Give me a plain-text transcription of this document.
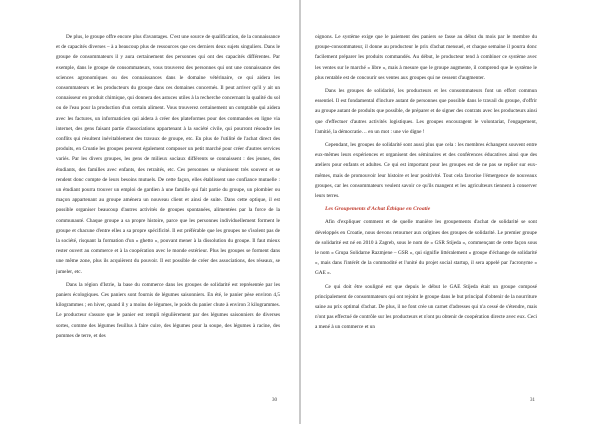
De plus, le groupe offre encore plus d'avantages. C'est une source de qualification, de la connaissance et de capacités diverses – à a beaucoup plus de ressources que ces derniers deux sujets singuliers. Dans le groupe de consommateurs il y aura certainement des personnes qui ont des capacités différentes. Par exemple, dans le groupe de consommateurs, vous trouverez des personnes qui ont une connaissance des sciences agronomiques ou des connaissances dans le domaine vétérinaire, ce qui aidera les consommateurs et les producteurs du groupe dans ces domaines concernés. Il peut arriver qu'il y ait un connaisseur en produit chimique, qui donnera des astuces utiles à la recherche concernant la qualité du sol ou de l'eau pour la production d'un certain aliment. Vous trouverez certainement un comptable qui aidera avec les factures, un informaticien qui aidera à créer des plateformes pour des commandes en ligne via internet, des gens faisant partie d'associations appartenant à la société civile, qui pourront résoudre les conflits qui résultent inévitablement des travaux de groupe, etc. En plus de l'utilité de l'achat direct des produits, en Croatie les groupes peuvent également composer un petit marché pour créer d'autres services variés. Par les divers groupes, les gens de milieux sociaux différents se connaissent : des jeunes, des étudiants, des familles avec enfants, des retraités, etc. Ces personnes se réunissent très souvent et se rendent donc compte de leurs besoins mutuels. De cette façon, elles établissent une confiance mutuelle : un étudiant pourra trouver un emploi de gardien à une famille qui fait partie du groupe, un plombier ou maçon appartenant au groupe aménera un nouveau client et ainsi de suite. Dans cette optique, il est possible organiser beaucoup d'autres activités de groupes spontanées, alimentées par la force de la communauté. Chaque groupe a sa propre histoire, parce que les personnes individuellement forment le groupe et chacune d'entre elles a sa propre spécificité. Il est préférable que les groupes ne s'isolent pas de la société, risquant la formation d'un « ghetto », pouvant mener à la dissolution du groupe. Il faut mieux rester ouvert au commerce et à la coopération avec le monde extérieur. Plus les groupes se forment dans une même zone, plus ils acquièrent du pouvoir. Il est possible de créer des associations, des réseaux, se jumeler, etc.

Dans la région d'Istrie, la base du commerce dans les groupes de solidarité est représentée par les paniers écologiques. Ces paniers sont fournis de légumes saisonniers. En été, le panier pèse environ 4,5 kilogrammes ; en hiver, quand il y a moins de légumes, le poids du panier chute à environ 3 kilogrammes. Le producteur s'assure que le panier est rempli régulièrement par des légumes saisonniers de diverses sortes, comme des légumes feuillus à faire cuire, des légumes pour la soupe, des légumes à racine, des pommes de terre, et des

30

oignons. Le système exige que le paiement des paniers se fasse au début du mois par le membre du groupe-consommateur, il donne au producteur le prix d'achat mensuel, et chaque semaine il pourra donc facilement préparer les produits commandés. Au début, le producteur tend à combiner ce système avec les ventes sur le marché « libre », mais à mesure que le groupe augmente, il comprend que le système le plus rentable est de concourir ses ventes aux groupes qui ne cessent d'augmenter.

Dans les groupes de solidarité, les producteurs et les consommateurs font un effort commun essentiel. Il est fondamental d'inclure autant de personnes que possible dans le travail du groupe, d'offrir au groupe autant de produits que possible, de préparer et de signer des contrats avec les producteurs ainsi que d'effectuer d'autres activités logistiques. Les groupes encouragent le volontariat, l'engagement, l'amitié, la démocratie… en un mot : une vie digne !

Cependant, les groupes de solidarité sont aussi plus que cela : les membres échangent souvent entre eux-mêmes leurs expériences et organisent des séminaires et des conférences éducatives ainsi que des ateliers pour enfants et adultes. Ce qui est important pour les groupes est de ne pas se replier sur eux-mêmes, mais de promouvoir leur histoire et leur positivité. Tout cela favorise l'émergence de nouveaux groupes, car les consommateurs veulent savoir ce qu'ils mangent et les agriculteurs tiennent à conserver leurs terres.

Les Groupements d'Achat Éthique en Croatie

Afin d'expliquer comment et de quelle manière les groupements d'achat de solidarité se sont développés en Croatie, nous devons retourner aux origines des groupes de solidarité. Le premier groupe de solidarité est né en 2010 à Zagreb, sous le nom de « GSR Stijeda », commençant de cette façon sous le nom « Grupa Solidarne Razmjene – GSR », qui signifie littéralement « groupe d'échange de solidarité », mais dans l'intérêt de la commodité et l'unité du projet social startup, il sera appelé par l'acronyme « GAE ».

Ce qui doit être souligné est que depuis le début le GAE Stijeda était un groupe composé principalement de consommateurs qui ont rejoint le groupe dans le but principal d'obtenir de la nourriture saine au prix optimal d'achat. De plus, il ne font crée un carnet d'adresses qui n'a cessé de s'étendre, mais n'ont pas effectué de contrôle sur les producteurs et n'ont pu obtenir de coopération directe avec eux. Ceci a mené à un commerce et un

31
